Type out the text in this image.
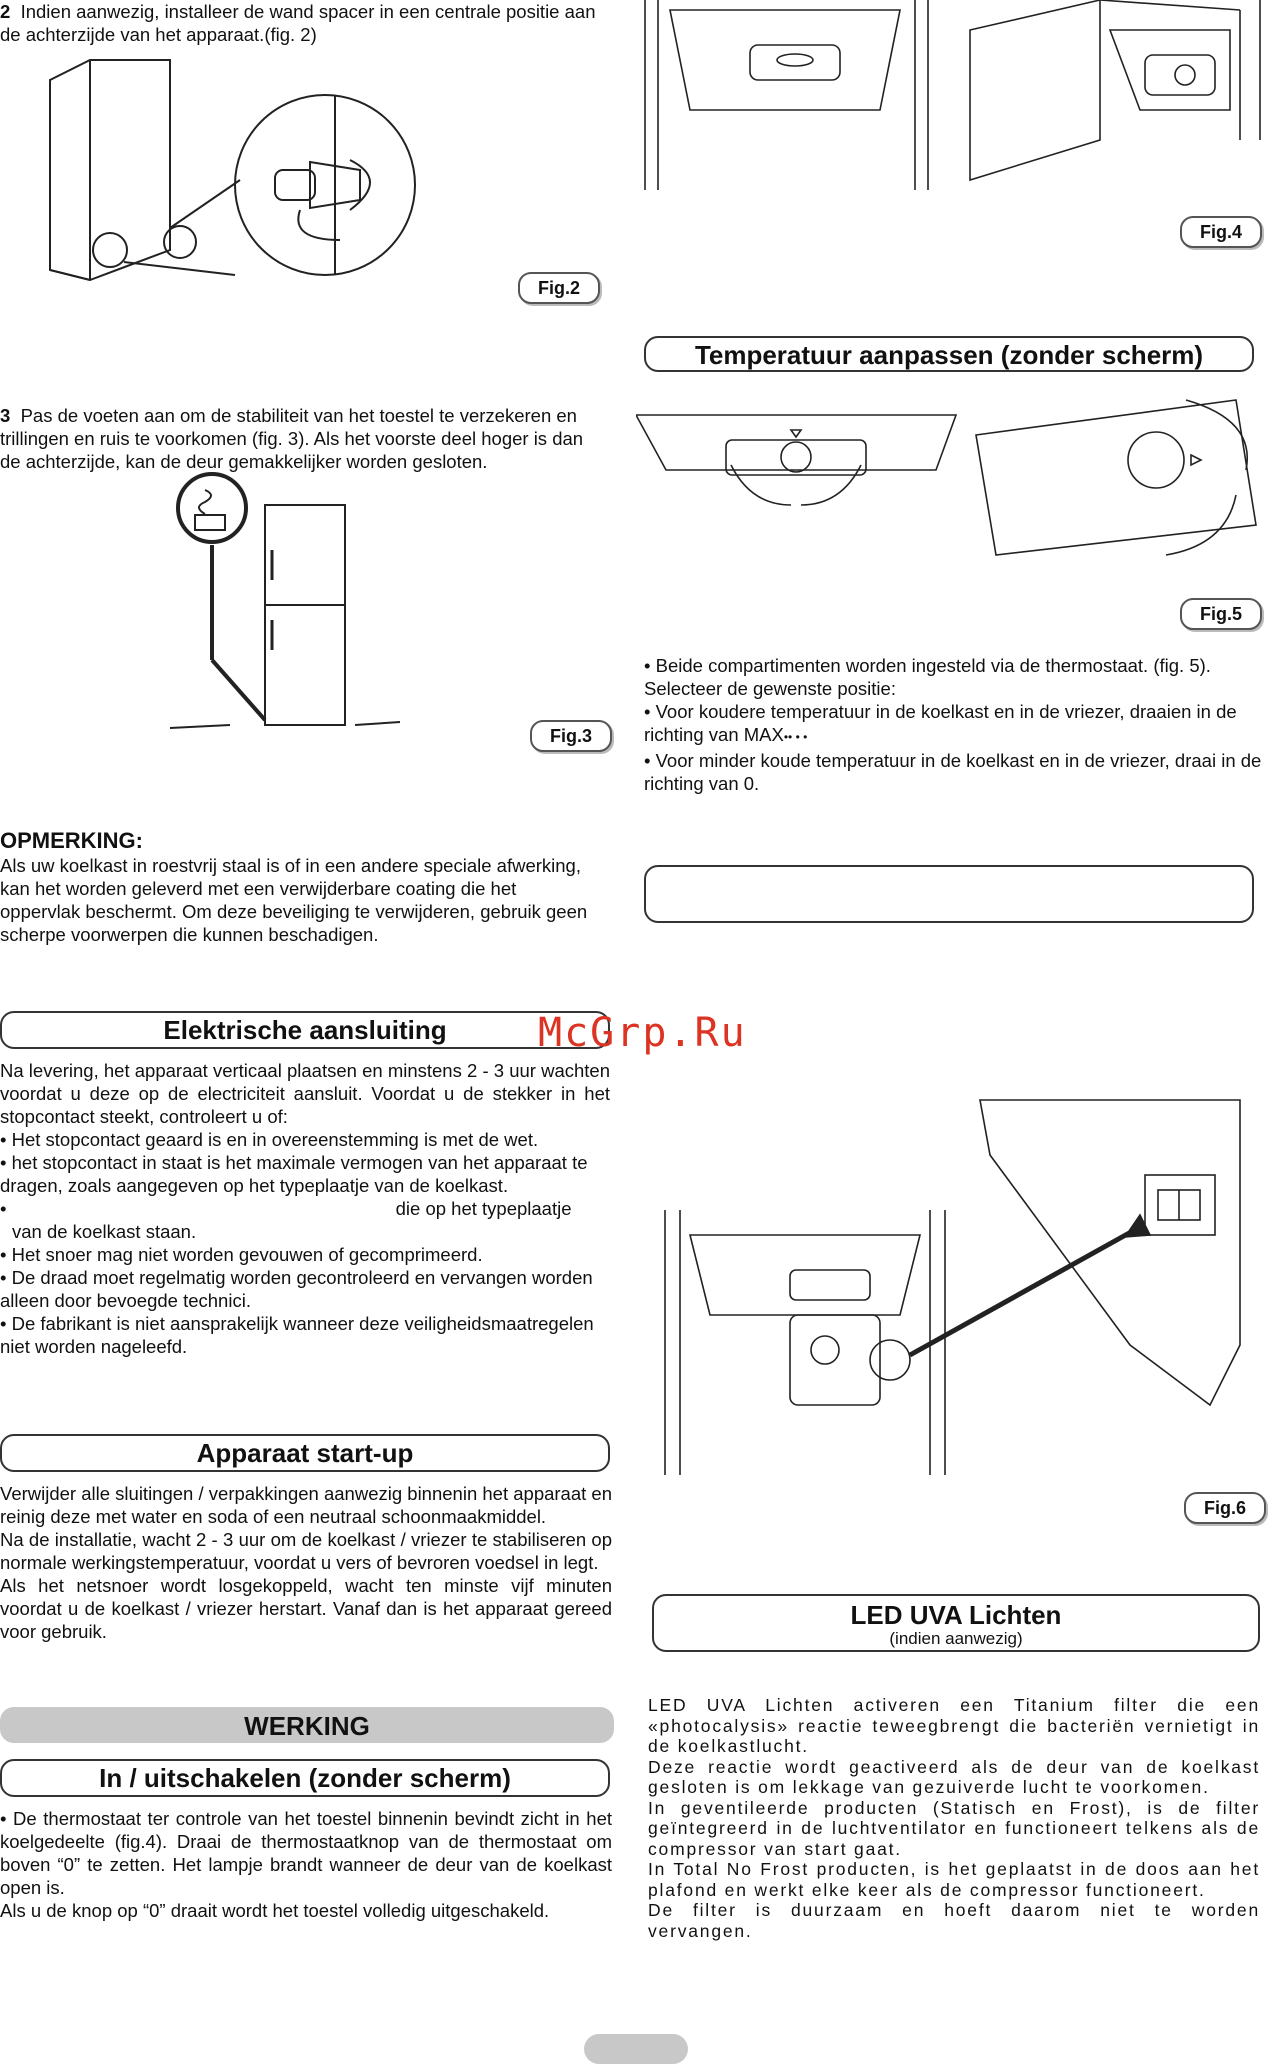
2 Indien aanwezig, installeer de wand spacer in een centrale positie aan de achterzijde van het apparaat.(fig. 2)
Fig.2
3 Pas de voeten aan om de stabiliteit van het toestel te verzekeren en trillingen en ruis te voorkomen (fig. 3). Als het voorste deel hoger is dan de achterzijde, kan de deur gemakkelijker worden gesloten.
Fig.3
OPMERKING:

Als uw koelkast in roestvrij staal is of in een andere speciale afwerking, kan het worden geleverd met een verwijderbare coating die het oppervlak beschermt. Om deze beveiliging te verwijderen, gebruik geen scherpe voorwerpen die kunnen beschadigen.

Elektrische aansluiting

Na levering, het apparaat verticaal plaatsen en minstens 2 - 3 uur wachten voordat u deze op de electriciteit aansluit. Voordat u de stekker in het stopcontact steekt, controleert u of:

• Het stopcontact geaard is en in overeenstemming is met de wet.

• het stopcontact in staat is het maximale vermogen van het apparaat te dragen, zoals aangegeven op het typeplaatje van de koelkast.

•	die op het typeplaatje

van de koelkast staan.

• Het snoer mag niet worden gevouwen of gecomprimeerd.

• De draad moet regelmatig worden gecontroleerd en vervangen worden alleen door bevoegde technici.

• De fabrikant is niet aansprakelijk wanneer deze veiligheidsmaatregelen niet worden nageleefd.

Apparaat start-up

Verwijder alle sluitingen / verpakkingen aanwezig binnenin het apparaat en reinig deze met water en soda of een neutraal schoonmaakmiddel.

Na de installatie, wacht 2 - 3 uur om de koelkast / vriezer te stabiliseren op normale werkingstemperatuur, voordat u vers of bevroren voedsel in legt.

Als het netsnoer wordt losgekoppeld, wacht ten minste vijf minuten voordat u de koelkast / vriezer herstart. Vanaf dan is het apparaat gereed voor gebruik.

WERKING
In / uitschakelen (zonder scherm)

• De thermostaat ter controle van het toestel binnenin bevindt zicht in het koelgedeelte (fig.4). Draai de thermostaatknop van de thermostaat om boven “0” te zetten. Het lampje brandt wanneer de deur van de koelkast open is.

Als u de knop op “0” draait wordt het toestel volledig uitgeschakeld.

Fig.4
Temperatuur aanpassen (zonder scherm)
Fig.5

• Beide compartimenten worden ingesteld via de thermostaat. (fig. 5).

Selecteer de gewenste positie:

• Voor koudere temperatuur in de koelkast en in de vriezer, draaien in de richting van MAX•• • •

• Voor minder koude temperatuur in de koelkast en in de vriezer, draai in de richting van 0.

McGrp.Ru
Fig.6
LED UVA Lichten
(indien aanwezig)

LED UVA Lichten activeren een Titanium filter die een «photocalysis» reactie teweegbrengt die bacteriën vernietigt in de koelkastlucht.

Deze reactie wordt geactiveerd als de deur van de koelkast gesloten is om lekkage van gezuiverde lucht te voorkomen.

In geventileerde producten (Statisch en Frost), is de filter geïntegreerd in de luchtventilator en functioneert telkens als de compressor van start gaat.

In Total No Frost producten, is het geplaatst in de doos aan het plafond en werkt elke keer als de compressor functioneert.

De filter is duurzaam en hoeft daarom niet te worden vervangen.
